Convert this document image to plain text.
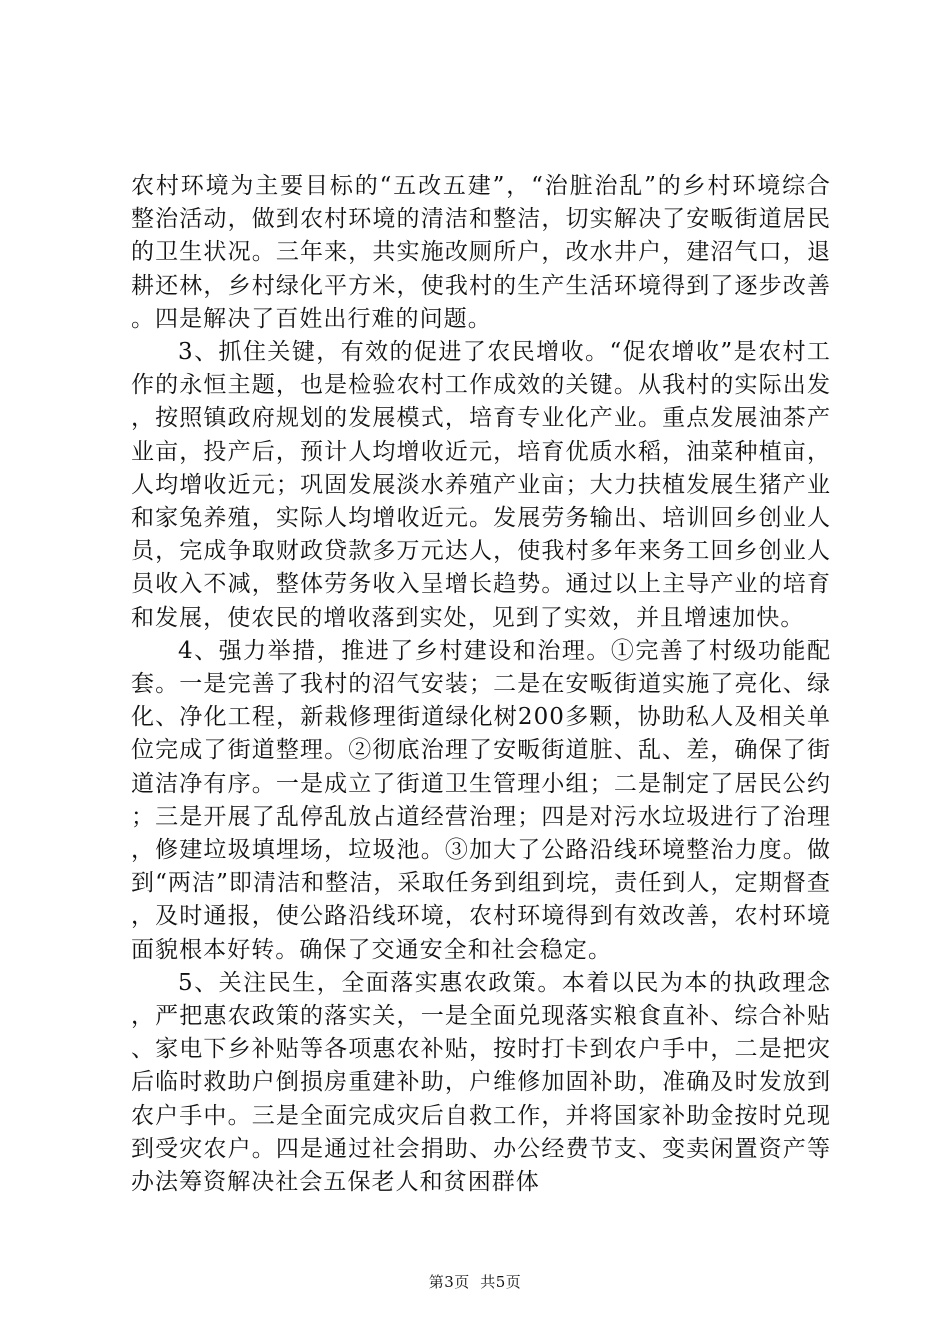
农村环境为主要目标的“五改五建”，“治脏治乱”的乡村环境综合整治活动，做到农村环境的清洁和整洁，切实解决了安畈街道居民的卫生状况。三年来，共实施改厕所户，改水井户，建沼气口，退耕还林，乡村绿化平方米，使我村的生产生活环境得到了逐步改善。四是解决了百姓出行难的问题。

3、抓住关键，有效的促进了农民增收。“促农增收”是农村工作的永恒主题，也是检验农村工作成效的关键。从我村的实际出发，按照镇政府规划的发展模式，培育专业化产业。重点发展油茶产业亩，投产后，预计人均增收近元，培育优质水稻，油菜种植亩，人均增收近元；巩固发展淡水养殖产业亩；大力扶植发展生猪产业和家兔养殖，实际人均增收近元。发展劳务输出、培训回乡创业人员，完成争取财政贷款多万元达人，使我村多年来务工回乡创业人员收入不减，整体劳务收入呈增长趋势。通过以上主导产业的培育和发展，使农民的增收落到实处，见到了实效，并且增速加快。

4、强力举措，推进了乡村建设和治理。①完善了村级功能配套。一是完善了我村的沼气安装；二是在安畈街道实施了亮化、绿化、净化工程，新栽修理街道绿化树200多颗，协助私人及相关单位完成了街道整理。②彻底治理了安畈街道脏、乱、差，确保了街道洁净有序。一是成立了街道卫生管理小组；二是制定了居民公约；三是开展了乱停乱放占道经营治理；四是对污水垃圾进行了治理，修建垃圾填埋场，垃圾池。③加大了公路沿线环境整治力度。做到“两洁”即清洁和整洁，采取任务到组到垸，责任到人，定期督查，及时通报，使公路沿线环境，农村环境得到有效改善，农村环境面貌根本好转。确保了交通安全和社会稳定。

5、关注民生，全面落实惠农政策。本着以民为本的执政理念，严把惠农政策的落实关，一是全面兑现落实粮食直补、综合补贴、家电下乡补贴等各项惠农补贴，按时打卡到农户手中，二是把灾后临时救助户倒损房重建补助，户维修加固补助，准确及时发放到农户手中。三是全面完成灾后自救工作，并将国家补助金按时兑现到受灾农户。四是通过社会捐助、办公经费节支、变卖闲置资产等办法筹资解决社会五保老人和贫困群体

第3页  共5页
